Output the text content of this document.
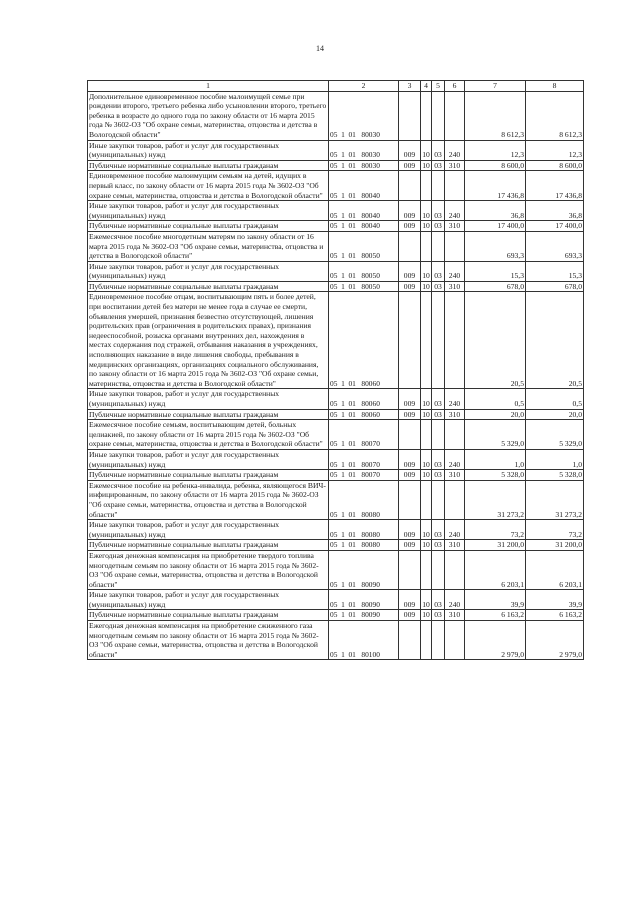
14
1	2	3	4	5	6	7	8
Дополнительное единовременное пособие малоимущей семье при рождении второго, третьего ребенка либо усыновлении второго, третьего ребенка в возрасте до одного года по закону области от 16 марта 2015 года № 3602-ОЗ "Об охране семьи, материнства, отцовства и детства в Вологодской области"	05  1  01   80030					8 612,3	8 612,3
Иные закупки товаров, работ и услуг для государственных (муниципальных) нужд	05  1  01   80030	009	10	03	240	12,3	12,3
Публичные нормативные социальные выплаты гражданам	05  1  01   80030	009	10	03	310	8 600,0	8 600,0
Единовременное пособие малоимущим семьям на детей, идущих в первый класс, по закону области от 16 марта 2015 года № 3602-ОЗ "Об охране семьи, материнства, отцовства и детства в Вологодской области"	05  1  01   80040					17 436,8	17 436,8
Иные закупки товаров, работ и услуг для государственных (муниципальных) нужд	05  1  01   80040	009	10	03	240	36,8	36,8
Публичные нормативные социальные выплаты гражданам	05  1  01   80040	009	10	03	310	17 400,0	17 400,0
Ежемесячное пособие многодетным матерям по закону области от 16 марта 2015 года № 3602-ОЗ "Об охране семьи, материнства, отцовства и детства в Вологодской области"	05  1  01   80050					693,3	693,3
Иные закупки товаров, работ и услуг для государственных (муниципальных) нужд	05  1  01   80050	009	10	03	240	15,3	15,3
Публичные нормативные социальные выплаты гражданам	05  1  01   80050	009	10	03	310	678,0	678,0
Единовременное пособие отцам, воспитывающим пять и более детей, при воспитании детей без матери не менее года в случае ее смерти, объявления умершей, признания безвестно отсутствующей, лишения родительских прав (ограничения в родительских правах), признания недееспособной, розыска органами внутренних дел, нахождения в местах содержания под стражей, отбывания наказания в учреждениях, исполняющих наказание в виде лишения свободы, пребывания в медицинских организациях, организациях социального обслуживания, по закону области от 16 марта 2015 года № 3602-ОЗ "Об охране семьи, материнства, отцовства и детства в Вологодской области"	05  1  01   80060					20,5	20,5
Иные закупки товаров, работ и услуг для государственных (муниципальных) нужд	05  1  01   80060	009	10	03	240	0,5	0,5
Публичные нормативные социальные выплаты гражданам	05  1  01   80060	009	10	03	310	20,0	20,0
Ежемесячное пособие семьям, воспитывающим детей, больных целиакией, по закону области от 16 марта 2015 года № 3602-ОЗ "Об охране семьи, материнства, отцовства и детства в Вологодской области"	05  1  01   80070					5 329,0	5 329,0
Иные закупки товаров, работ и услуг для государственных (муниципальных) нужд	05  1  01   80070	009	10	03	240	1,0	1,0
Публичные нормативные социальные выплаты гражданам	05  1  01   80070	009	10	03	310	5 328,0	5 328,0
Ежемесячное пособие на ребенка-инвалида, ребенка, являющегося ВИЧ-инфицированным, по закону области от 16 марта 2015 года № 3602-ОЗ "Об охране семьи, материнства, отцовства и детства в Вологодской области"	05  1  01   80080					31 273,2	31 273,2
Иные закупки товаров, работ и услуг для государственных (муниципальных) нужд	05  1  01   80080	009	10	03	240	73,2	73,2
Публичные нормативные социальные выплаты гражданам	05  1  01   80080	009	10	03	310	31 200,0	31 200,0
Ежегодная денежная компенсация на приобретение твердого топлива многодетным семьям по закону области от 16 марта 2015 года № 3602-ОЗ "Об охране семьи, материнства, отцовства и детства в Вологодской области"	05  1  01   80090					6 203,1	6 203,1
Иные закупки товаров, работ и услуг для государственных (муниципальных) нужд	05  1  01   80090	009	10	03	240	39,9	39,9
Публичные нормативные социальные выплаты гражданам	05  1  01   80090	009	10	03	310	6 163,2	6 163,2
Ежегодная денежная компенсация на приобретение сжиженного газа многодетным семьям по закону области от 16 марта 2015 года № 3602-ОЗ "Об охране семьи, материнства, отцовства и детства в Вологодской области"	05  1  01   80100					2 979,0	2 979,0
